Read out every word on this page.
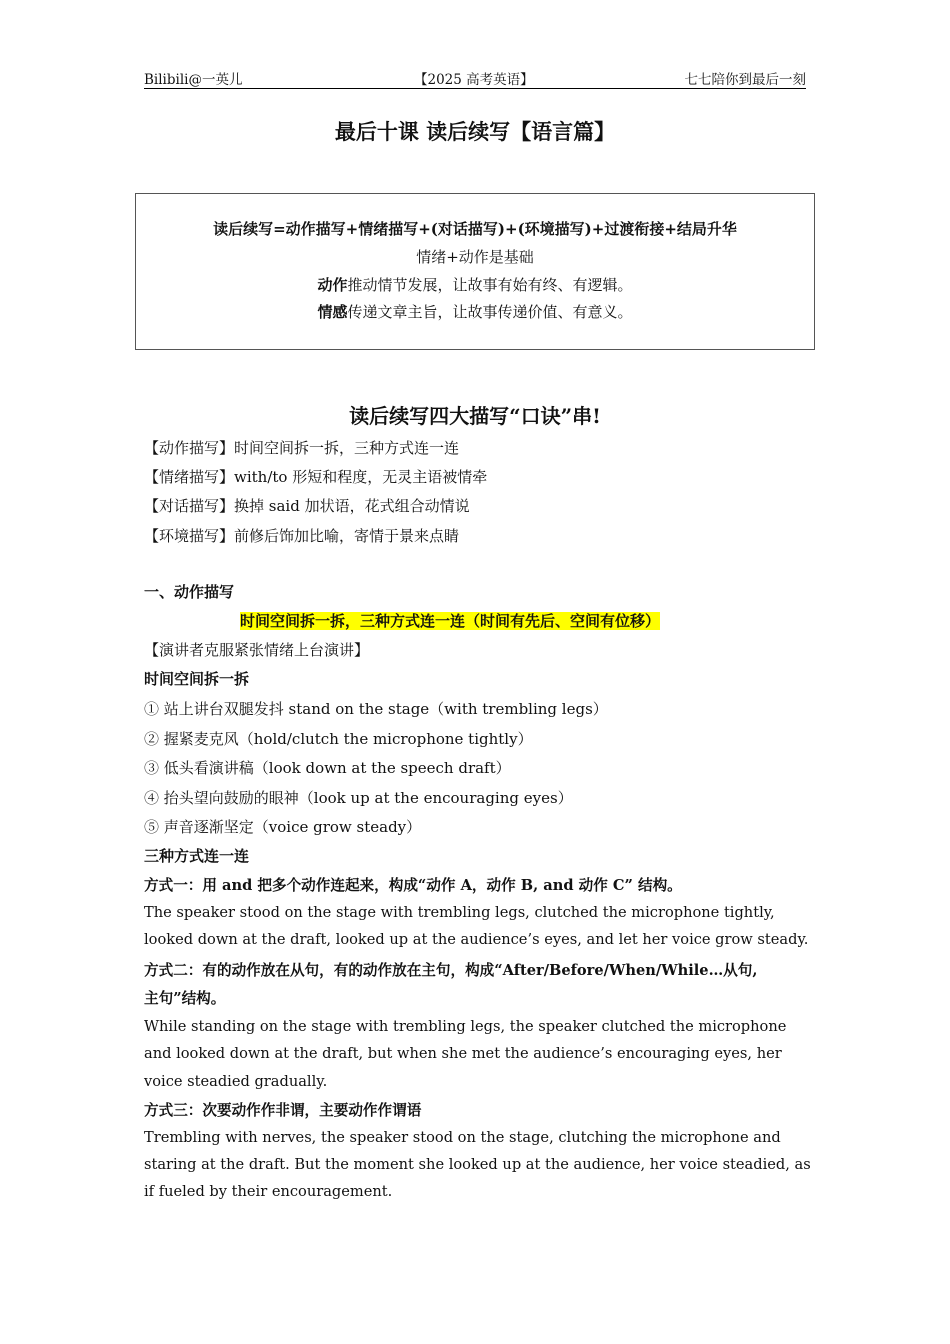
Bilibili@一英儿	【2025 高考英语】	七七陪你到最后一刻
最后十课 读后续写【语言篇】
读后续写=动作描写+情绪描写+(对话描写)+(环境描写)+过渡衔接+结局升华
情绪+动作是基础
动作推动情节发展，让故事有始有终、有逻辑。
情感传递文章主旨，让故事传递价值、有意义。
读后续写四大描写“口诀”串!
【动作描写】时间空间拆一拆，三种方式连一连
【情绪描写】with/to 形短和程度，无灵主语被情牵
【对话描写】换掉 said 加状语，花式组合动情说
【环境描写】前修后饰加比喻，寄情于景来点睛
一、动作描写
时间空间拆一拆，三种方式连一连（时间有先后、空间有位移）
【演讲者克服紧张情绪上台演讲】
时间空间拆一拆
① 站上讲台双腿发抖 stand on the stage（with trembling legs）
② 握紧麦克风（hold/clutch the microphone tightly）
③ 低头看演讲稿（look down at the speech draft）
④ 抬头望向鼓励的眼神（look up at the encouraging eyes）
⑤ 声音逐渐坚定（voice grow steady）
三种方式连一连
方式一：用 and 把多个动作连起来，构成“动作 A，动作 B, and 动作 C” 结构。
The speaker stood on the stage with trembling legs, clutched the microphone tightly, looked down at the draft, looked up at the audience’s eyes, and let her voice grow steady.
方式二：有的动作放在从句，有的动作放在主句，构成“After/Before/When/While…从句,
主句”结构。
While standing on the stage with trembling legs, the speaker clutched the microphone and looked down at the draft, but when she met the audience’s encouraging eyes, her
voice steadied gradually.
方式三：次要动作作非谓，主要动作作谓语
Trembling with nerves, the speaker stood on the stage, clutching the microphone and staring at the draft. But the moment she looked up at the audience, her voice steadied, as if fueled by their encouragement.
